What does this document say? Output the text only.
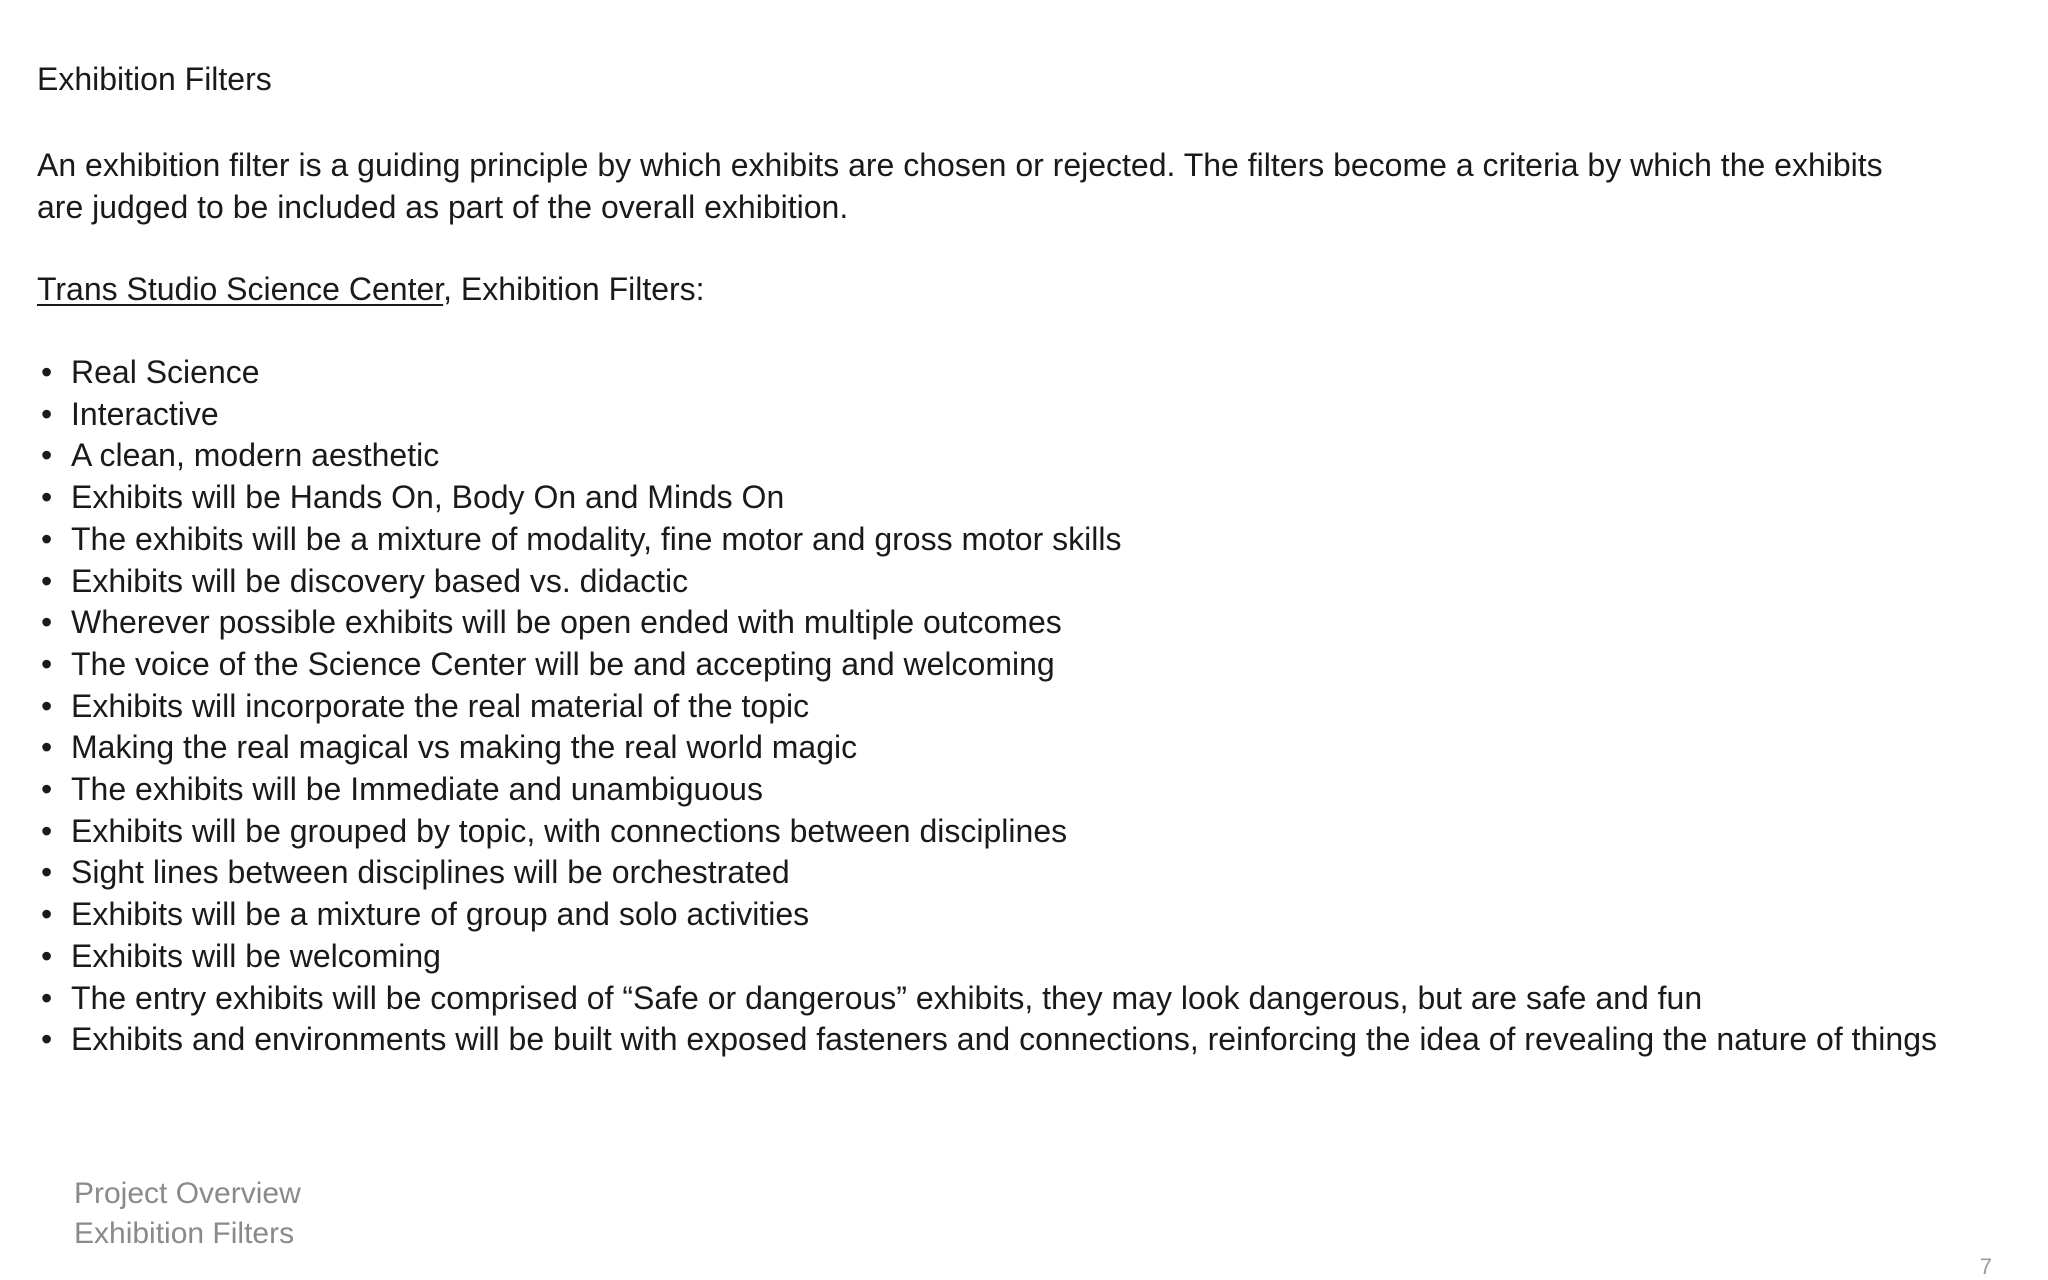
Exhibition Filters

An exhibition filter is a guiding principle by which exhibits are chosen or rejected. The filters become a criteria by which the exhibits
are judged to be included as part of the overall exhibition.

Trans Studio Science Center, Exhibition Filters:
• Real Science
• Interactive
• A clean, modern aesthetic
• Exhibits will be Hands On, Body On and Minds On
• The exhibits will be a mixture of modality, fine motor and gross motor skills
• Exhibits will be discovery based vs. didactic
• Wherever possible exhibits will be open ended with multiple outcomes
• The voice of the Science Center will be and accepting and welcoming
• Exhibits will incorporate the real material of the topic
• Making the real magical vs making the real world magic
• The exhibits will be Immediate and unambiguous
• Exhibits will be grouped by topic, with connections between disciplines
• Sight lines between disciplines will be orchestrated
• Exhibits will be a mixture of group and solo activities
• Exhibits will be welcoming
• The entry exhibits will be comprised of “Safe or dangerous” exhibits, they may look dangerous, but are safe and fun
• Exhibits and environments will be built with exposed fasteners and connections, reinforcing the idea of revealing the nature of things
Project Overview
Exhibition Filters
7
